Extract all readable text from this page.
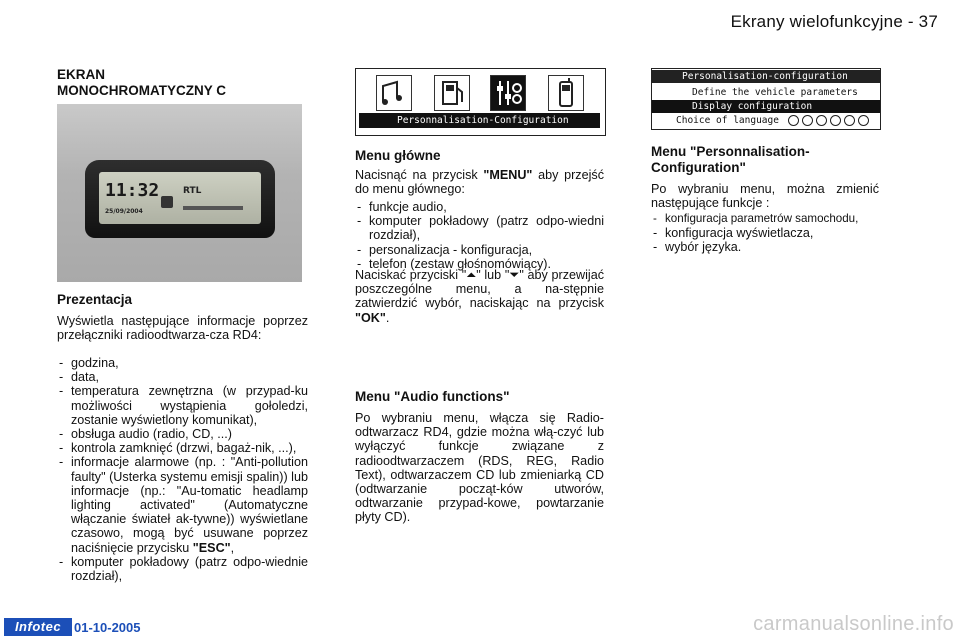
Ekrany wielofunkcyjne - 37
EKRAN
MONOCHROMATYCZNY C
11:32	RTL
25/09/2004
Prezentacja
Wyświetla następujące informacje poprzez przełączniki radioodtwarza-cza RD4:
- godzina,
- data,
- temperatura zewnętrzna (w przypad-ku możliwości wystąpienia gołoledzi, zostanie wyświetlony komunikat),
- obsługa audio (radio, CD, ...)
- kontrola zamknięć (drzwi, bagaż-nik, ...),
- informacje alarmowe (np. : "Anti-pollution faulty" (Usterka systemu emisji spalin)) lub informacje (np.: "Au-tomatic headlamp lighting activated" (Automatyczne włączanie świateł ak-tywne)) wyświetlane czasowo, mogą być usuwane poprzez naciśnięcie przycisku "ESC",
- komputer pokładowy (patrz odpo-wiednie rozdział),
Personnalisation-Configuration
Menu główne
Nacisnąć na przycisk "MENU" aby przejść do menu głównego:
- funkcje audio,
- komputer pokładowy (patrz odpo-wiedni rozdział),
- personalizacja - konfiguracja,
- telefon (zestaw głośnomówiący).
Naciskać przyciski "⏶" lub "⏷" aby przewijać poszczególne menu, a na-stępnie zatwierdzić wybór, naciskając na przycisk "OK".
Menu "Audio functions"
Po wybraniu menu, włącza się Radio-odtwarzacz RD4, gdzie można włą-czyć lub wyłączyć funkcje związane z radioodtwarzaczem (RDS, REG, Radio Text), odtwarzaczem CD lub zmieniarką CD (odtwarzanie począt-ków utworów, odtwarzanie przypad-kowe, powtarzanie płyty CD).
Personalisation-configuration
Define the vehicle parameters
Display configuration
Choice of language
Menu "Personnalisation-Configuration"
Po wybraniu menu, można zmienić następujące funkcje :
- konfiguracja parametrów samochodu,
- konfiguracja wyświetlacza,
- wybór języka.
Infotec 01-10-2005	carmanualsonline.info
